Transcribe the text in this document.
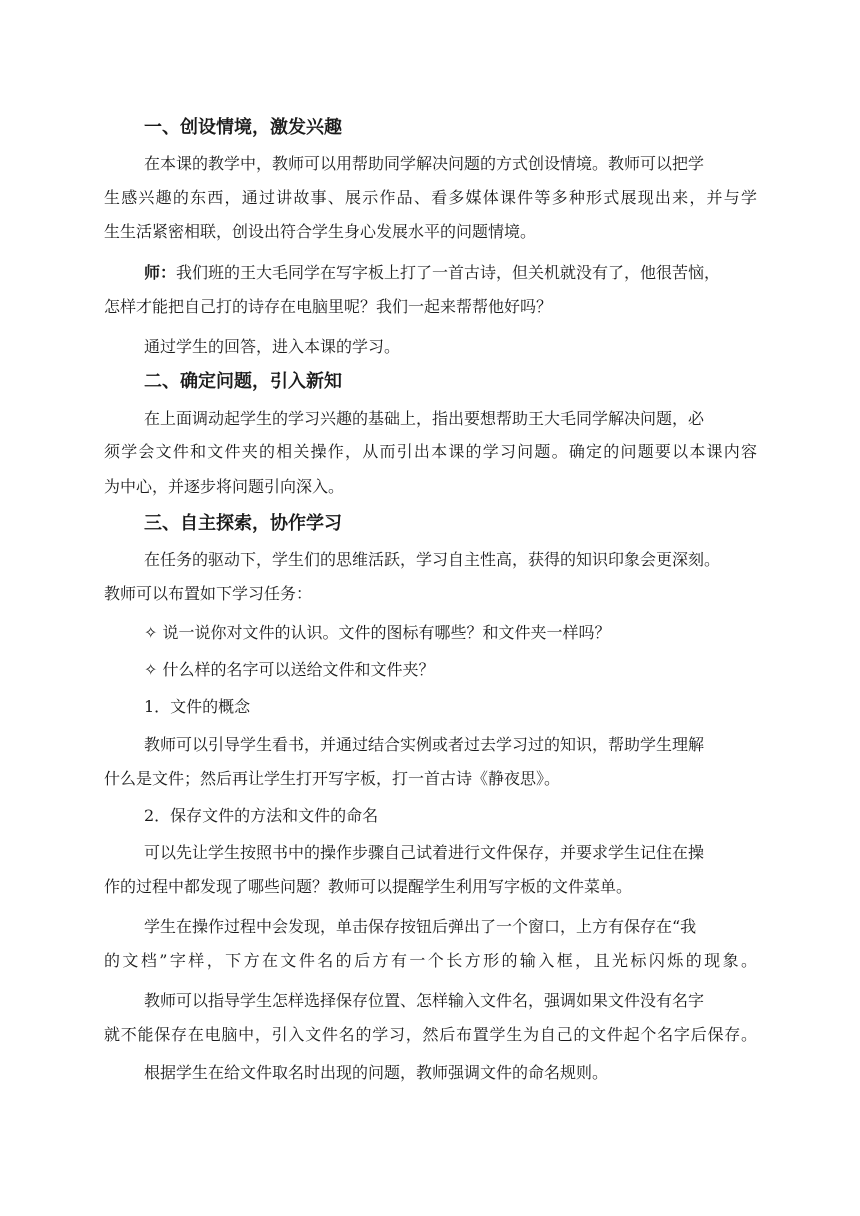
一、创设情境，激发兴趣
在本课的教学中，教师可以用帮助同学解决问题的方式创设情境。教师可以把学
生感兴趣的东西，通过讲故事、展示作品、看多媒体课件等多种形式展现出来，并与学
生生活紧密相联，创设出符合学生身心发展水平的问题情境。
师：我们班的王大毛同学在写字板上打了一首古诗，但关机就没有了，他很苦恼，
怎样才能把自己打的诗存在电脑里呢？我们一起来帮帮他好吗？
通过学生的回答，进入本课的学习。
二、确定问题，引入新知
在上面调动起学生的学习兴趣的基础上，指出要想帮助王大毛同学解决问题，必
须学会文件和文件夹的相关操作，从而引出本课的学习问题。确定的问题要以本课内容
为中心，并逐步将问题引向深入。
三、自主探索，协作学习
在任务的驱动下，学生们的思维活跃，学习自主性高，获得的知识印象会更深刻。
教师可以布置如下学习任务：
✧ 说一说你对文件的认识。文件的图标有哪些？和文件夹一样吗？
✧ 什么样的名字可以送给文件和文件夹？
1．文件的概念
教师可以引导学生看书，并通过结合实例或者过去学习过的知识，帮助学生理解
什么是文件；然后再让学生打开写字板，打一首古诗《静夜思》。
2．保存文件的方法和文件的命名
可以先让学生按照书中的操作步骤自己试着进行文件保存，并要求学生记住在操
作的过程中都发现了哪些问题？教师可以提醒学生利用写字板的文件菜单。
学生在操作过程中会发现，单击保存按钮后弹出了一个窗口，上方有保存在“我
的文档”字样，下方在文件名的后方有一个长方形的输入框，且光标闪烁的现象。
教师可以指导学生怎样选择保存位置、怎样输入文件名，强调如果文件没有名字
就不能保存在电脑中，引入文件名的学习，然后布置学生为自己的文件起个名字后保存。
根据学生在给文件取名时出现的问题，教师强调文件的命名规则。
